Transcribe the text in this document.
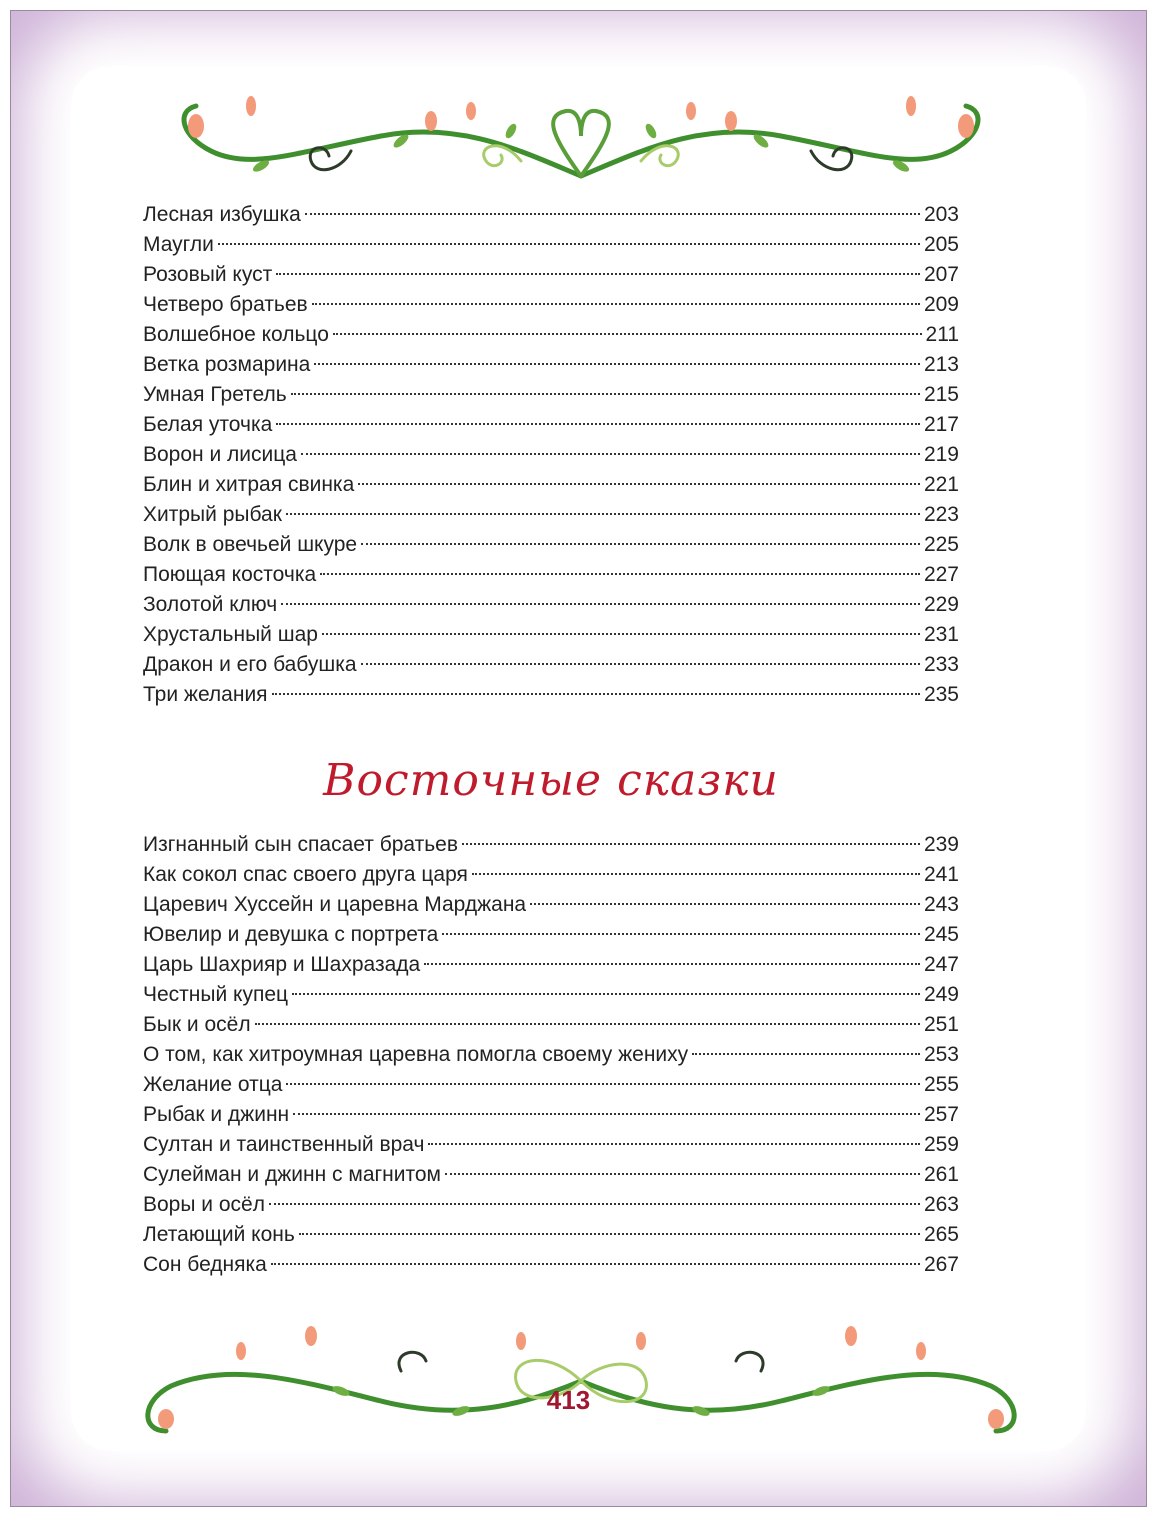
Лесная избушка	203
Маугли	205
Розовый куст	207
Четверо братьев	209
Волшебное кольцо	211
Ветка розмарина	213
Умная Гретель	215
Белая уточка	217
Ворон и лисица	219
Блин и хитрая свинка	221
Хитрый рыбак	223
Волк в овечьей шкуре	225
Поющая косточка	227
Золотой ключ	229
Хрустальный шар	231
Дракон и его бабушка	233
Три желания	235
Восточные сказки
Изгнанный сын спасает братьев	239
Как сокол спас своего друга царя	241
Царевич Хуссейн и царевна Марджана	243
Ювелир и девушка с портрета	245
Царь Шахрияр и Шахразада	247
Честный купец	249
Бык и осёл	251
О том, как хитроумная царевна помогла своему жениху	253
Желание отца	255
Рыбак и джинн	257
Султан и таинственный врач	259
Сулейман и джинн с магнитом	261
Воры и осёл	263
Летающий конь	265
Сон бедняка	267
413
